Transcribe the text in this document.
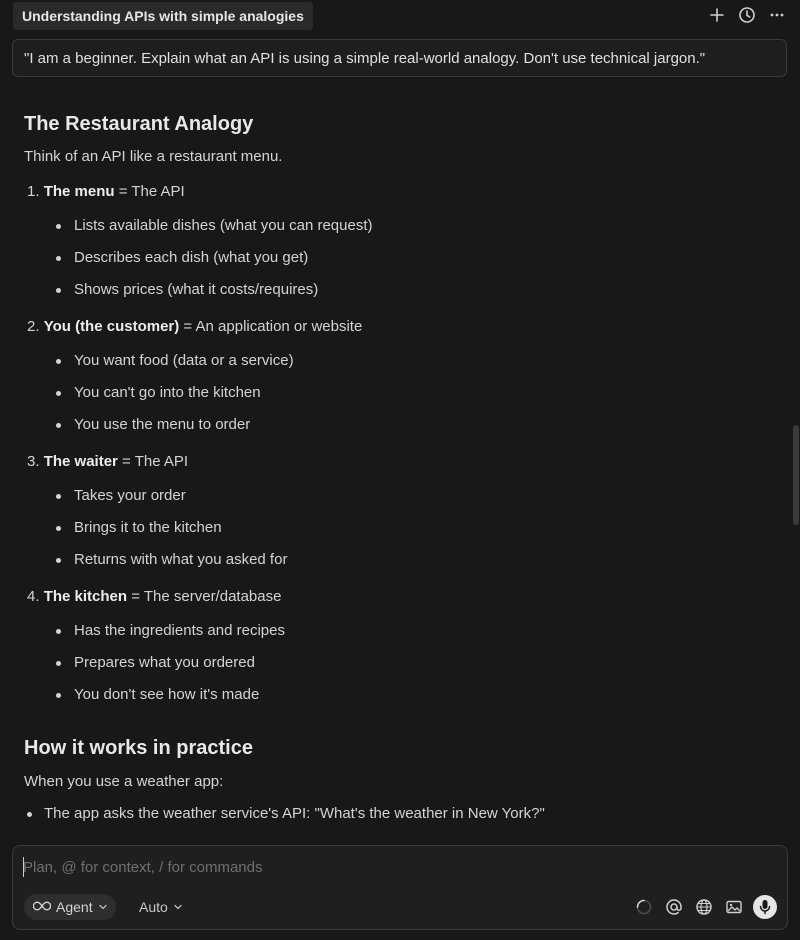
Understanding APIs with simple analogies
"I am a beginner. Explain what an API is using a simple real-world analogy. Don't use technical jargon."
The Restaurant Analogy
Think of an API like a restaurant menu.
1. The menu = The API
Lists available dishes (what you can request)
Describes each dish (what you get)
Shows prices (what it costs/requires)
2. You (the customer) = An application or website
You want food (data or a service)
You can't go into the kitchen
You use the menu to order
3. The waiter = The API
Takes your order
Brings it to the kitchen
Returns with what you asked for
4. The kitchen = The server/database
Has the ingredients and recipes
Prepares what you ordered
You don't see how it's made
How it works in practice
When you use a weather app:
The app asks the weather service's API: "What's the weather in New York?"
Plan, @ for context, / for commands
Agent	Auto
